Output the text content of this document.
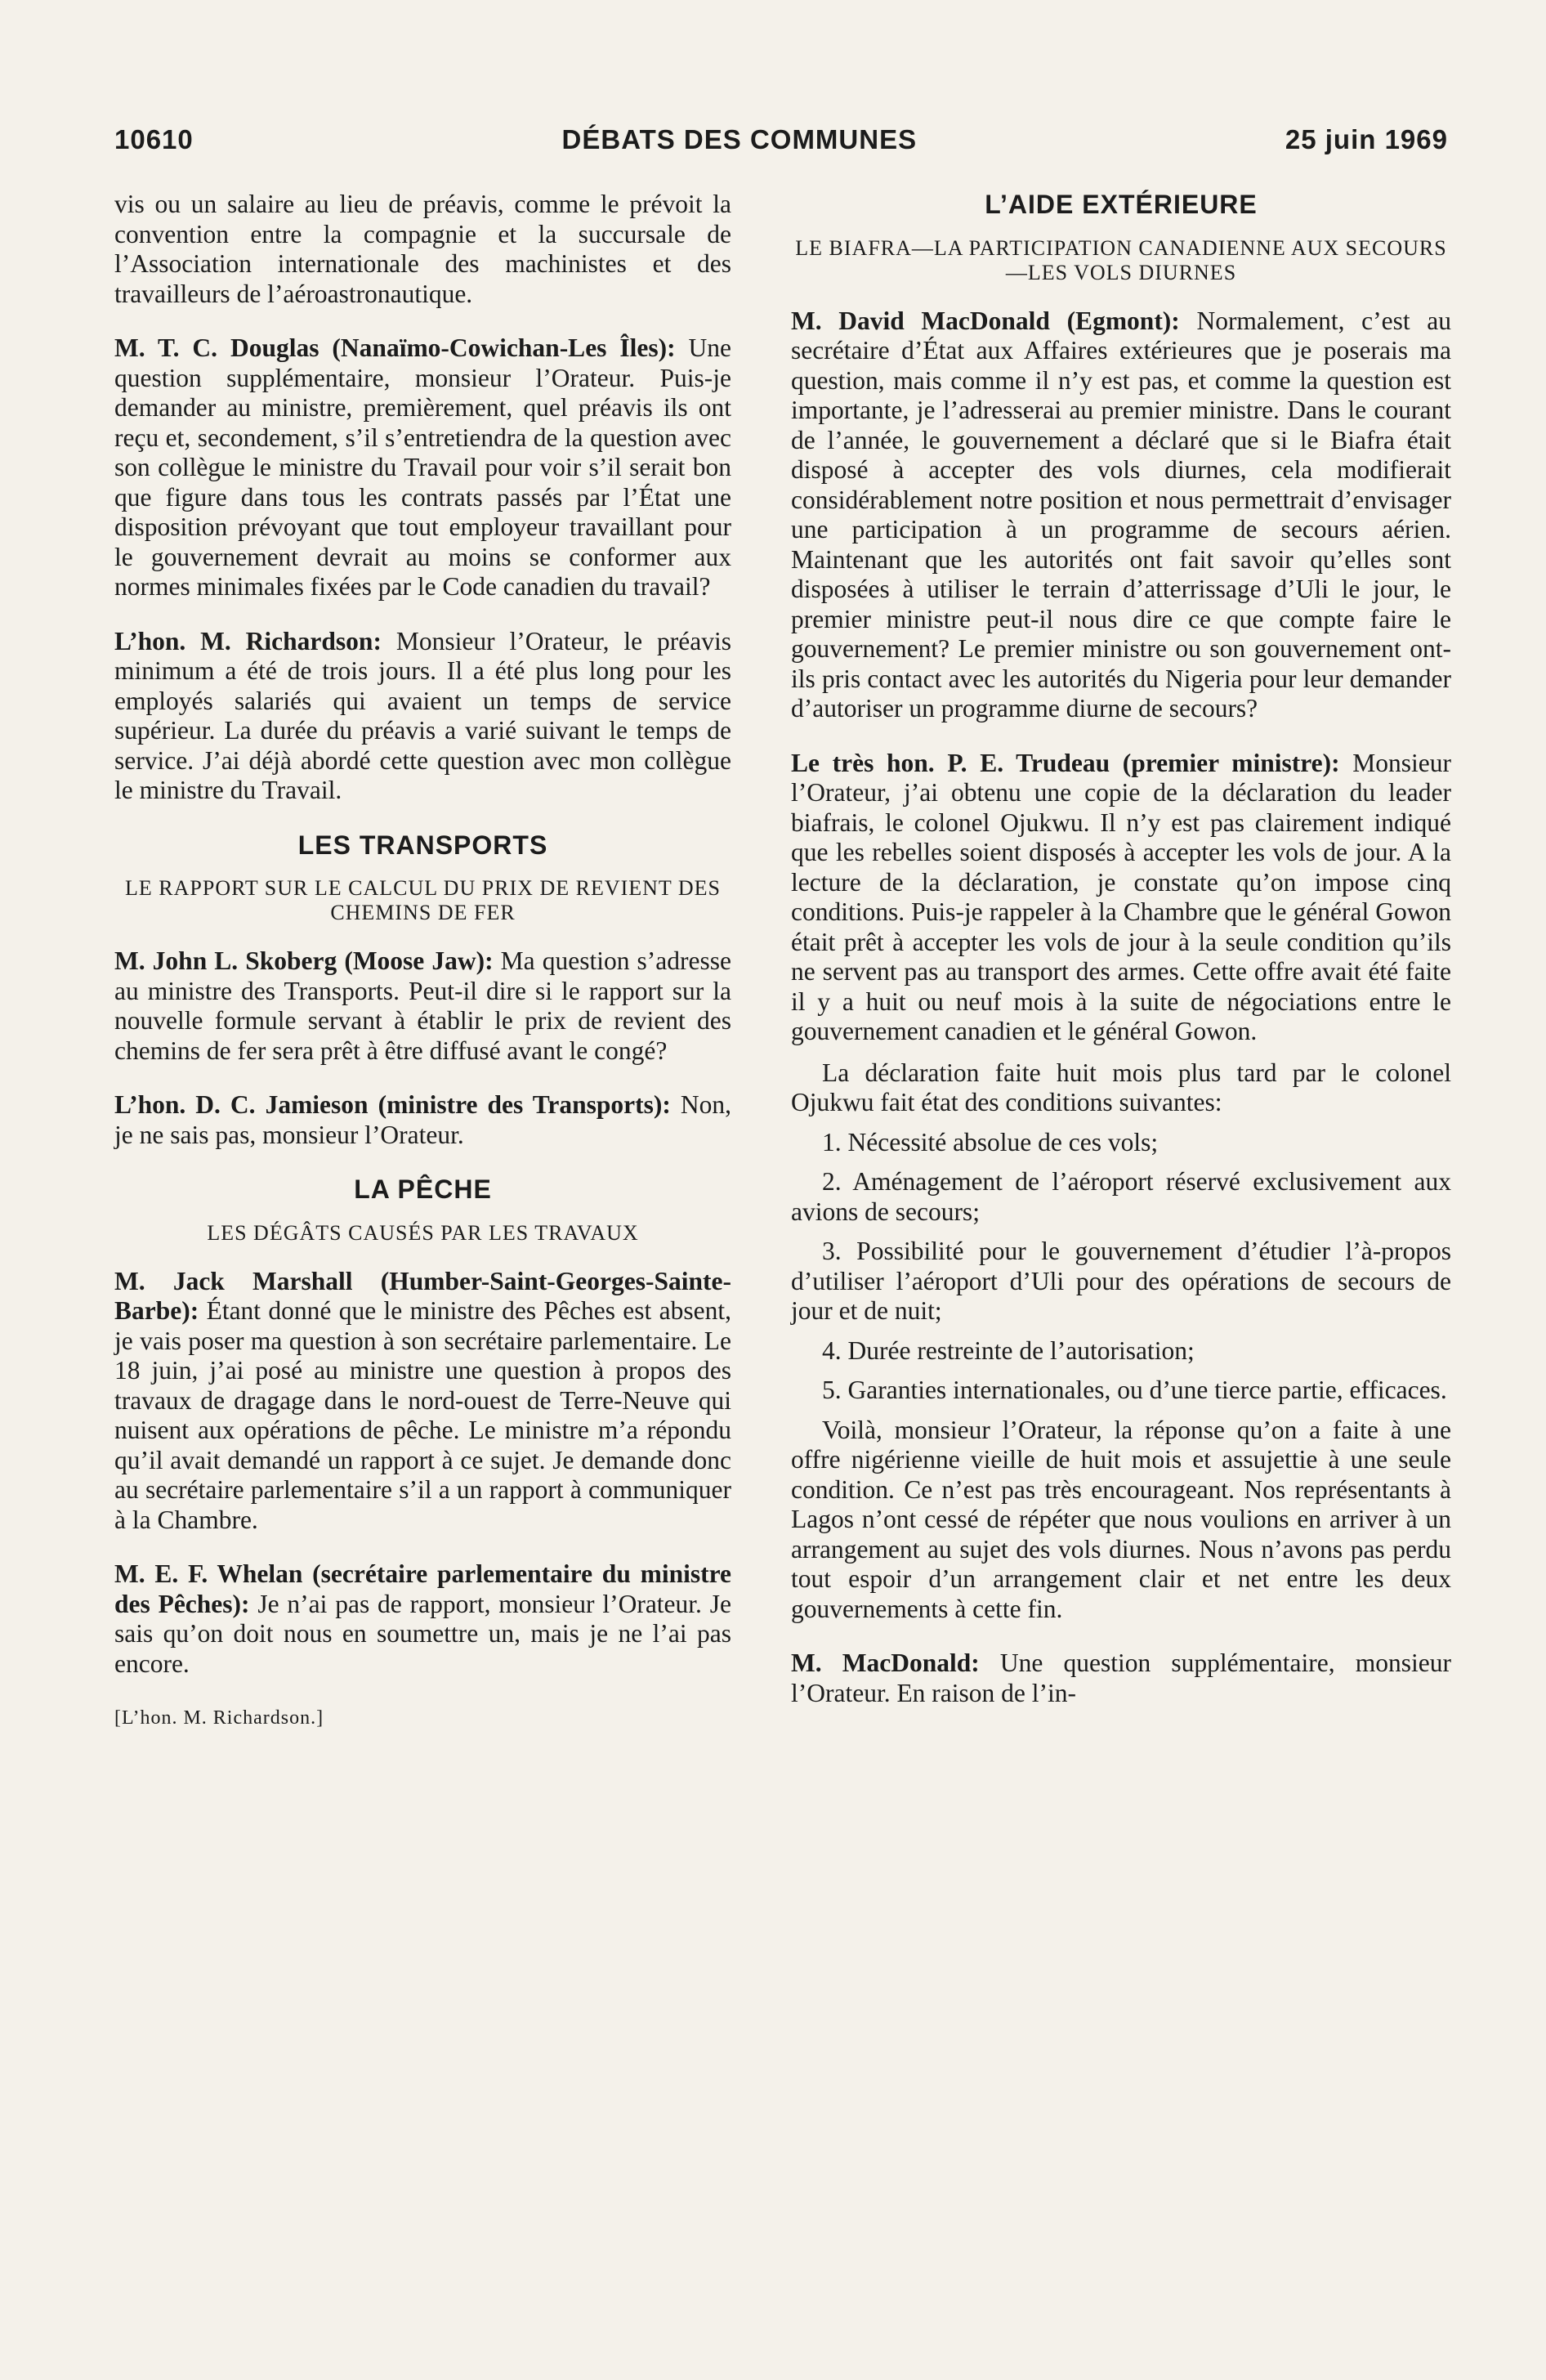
10610	DÉBATS DES COMMUNES	25 juin 1969

vis ou un salaire au lieu de préavis, comme le prévoit la convention entre la compagnie et la succursale de l’Association internationale des machinistes et des travailleurs de l’aéroastronautique.

M. T. C. Douglas (Nanaïmo-Cowichan-Les Îles): Une question supplémentaire, monsieur l’Orateur. Puis-je demander au ministre, premièrement, quel préavis ils ont reçu et, secondement, s’il s’entretiendra de la question avec son collègue le ministre du Travail pour voir s’il serait bon que figure dans tous les contrats passés par l’État une disposition prévoyant que tout employeur travaillant pour le gouvernement devrait au moins se conformer aux normes minimales fixées par le Code canadien du travail?

L’hon. M. Richardson: Monsieur l’Orateur, le préavis minimum a été de trois jours. Il a été plus long pour les employés salariés qui avaient un temps de service supérieur. La durée du préavis a varié suivant le temps de service. J’ai déjà abordé cette question avec mon collègue le ministre du Travail.

LES TRANSPORTS
LE RAPPORT SUR LE CALCUL DU PRIX DE REVIENT DES CHEMINS DE FER

M. John L. Skoberg (Moose Jaw): Ma question s’adresse au ministre des Transports. Peut-il dire si le rapport sur la nouvelle formule servant à établir le prix de revient des chemins de fer sera prêt à être diffusé avant le congé?

L’hon. D. C. Jamieson (ministre des Transports): Non, je ne sais pas, monsieur l’Orateur.

LA PÊCHE
LES DÉGÂTS CAUSÉS PAR LES TRAVAUX

M. Jack Marshall (Humber-Saint-Georges-Sainte-Barbe): Étant donné que le ministre des Pêches est absent, je vais poser ma question à son secrétaire parlementaire. Le 18 juin, j’ai posé au ministre une question à propos des travaux de dragage dans le nord-ouest de Terre-Neuve qui nuisent aux opérations de pêche. Le ministre m’a répondu qu’il avait demandé un rapport à ce sujet. Je demande donc au secrétaire parlementaire s’il a un rapport à communiquer à la Chambre.

M. E. F. Whelan (secrétaire parlementaire du ministre des Pêches): Je n’ai pas de rapport, monsieur l’Orateur. Je sais qu’on doit nous en soumettre un, mais je ne l’ai pas encore.

[L’hon. M. Richardson.]
L’AIDE EXTÉRIEURE
LE BIAFRA—LA PARTICIPATION CANADIENNE AUX SECOURS—LES VOLS DIURNES

M. David MacDonald (Egmont): Normalement, c’est au secrétaire d’État aux Affaires extérieures que je poserais ma question, mais comme il n’y est pas, et comme la question est importante, je l’adresserai au premier ministre. Dans le courant de l’année, le gouvernement a déclaré que si le Biafra était disposé à accepter des vols diurnes, cela modifierait considérablement notre position et nous permettrait d’envisager une participation à un programme de secours aérien. Maintenant que les autorités ont fait savoir qu’elles sont disposées à utiliser le terrain d’atterrissage d’Uli le jour, le premier ministre peut-il nous dire ce que compte faire le gouvernement? Le premier ministre ou son gouvernement ont-ils pris contact avec les autorités du Nigeria pour leur demander d’autoriser un programme diurne de secours?

Le très hon. P. E. Trudeau (premier ministre): Monsieur l’Orateur, j’ai obtenu une copie de la déclaration du leader biafrais, le colonel Ojukwu. Il n’y est pas clairement indiqué que les rebelles soient disposés à accepter les vols de jour. A la lecture de la déclaration, je constate qu’on impose cinq conditions. Puis-je rappeler à la Chambre que le général Gowon était prêt à accepter les vols de jour à la seule condition qu’ils ne servent pas au transport des armes. Cette offre avait été faite il y a huit ou neuf mois à la suite de négociations entre le gouvernement canadien et le général Gowon.

La déclaration faite huit mois plus tard par le colonel Ojukwu fait état des conditions suivantes:

1. Nécessité absolue de ces vols;

2. Aménagement de l’aéroport réservé exclusivement aux avions de secours;

3. Possibilité pour le gouvernement d’étudier l’à-propos d’utiliser l’aéroport d’Uli pour des opérations de secours de jour et de nuit;

4. Durée restreinte de l’autorisation;

5. Garanties internationales, ou d’une tierce partie, efficaces.

Voilà, monsieur l’Orateur, la réponse qu’on a faite à une offre nigérienne vieille de huit mois et assujettie à une seule condition. Ce n’est pas très encourageant. Nos représentants à Lagos n’ont cessé de répéter que nous voulions en arriver à un arrangement au sujet des vols diurnes. Nous n’avons pas perdu tout espoir d’un arrangement clair et net entre les deux gouvernements à cette fin.

M. MacDonald: Une question supplémentaire, monsieur l’Orateur. En raison de l’in-
